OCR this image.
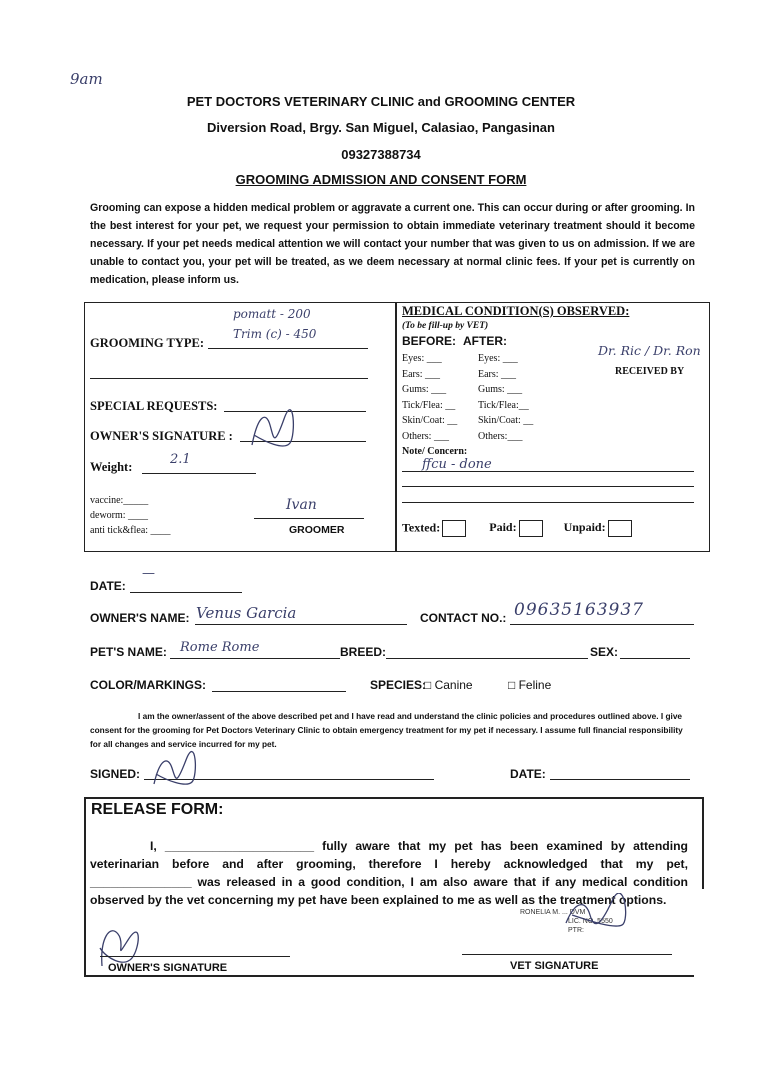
9am
PET DOCTORS VETERINARY CLINIC and GROOMING CENTER
Diversion Road, Brgy. San Miguel, Calasiao, Pangasinan
09327388734
GROOMING ADMISSION AND CONSENT FORM
Grooming can expose a hidden medical problem or aggravate a current one. This can occur during or after grooming. In the best interest for your pet, we request your permission to obtain immediate veterinary treatment should it become necessary. If your pet needs medical attention we will contact your number that was given to us on admission. If we are unable to contact you, your pet will be treated, as we deem necessary at normal clinic fees. If your pet is currently on medication, please inform us.
GROOMING TYPE:
pomatt - 200
Trim (c) - 450
SPECIAL REQUESTS:
OWNER'S SIGNATURE :
Weight:	2.1
vaccine:_____
deworm: ____
anti tick&flea: ____
Ivan
GROOMER
MEDICAL CONDITION(S) OBSERVED:
(To be fill-up by VET)
BEFORE: AFTER:
Eyes: ___	Eyes: ___
Ears: ___	Ears: ___
Gums: ___	Gums: ___
Tick/Flea: __ Tick/Flea:__
Skin/Coat: __ Skin/Coat: __
Others: ___	Others:___
Dr. Ric / Dr. Ron
RECEIVED BY
Note/ Concern:
ffcu - done
Texted:	Paid:	Unpaid:
DATE:
—
OWNER'S NAME: Venus Garcia	CONTACT NO.: 09635163937
PET'S NAME: Rome Rome	BREED:	SEX:
COLOR/MARKINGS:	SPECIES:
□ Canine	□ Feline
I am the owner/assent of the above described pet and I have read and understand the clinic policies and procedures outlined above. I give consent for the grooming for Pet Doctors Veterinary Clinic to obtain emergency treatment for my pet if necessary. I assume full financial responsibility for all changes and service incurred for my pet.
SIGNED:	DATE:
RELEASE FORM:
I, ______________________ fully aware that my pet has been examined by attending veterinarian before and after grooming, therefore I hereby acknowledged that my pet, _______________ was released in a good condition, I am also aware that if any medical condition observed by the vet concerning my pet have been explained to me as well as the treatment options.
RONELIA M. ... DVM
LIC. NO. 5550
PTR:
OWNER'S SIGNATURE	VET SIGNATURE
